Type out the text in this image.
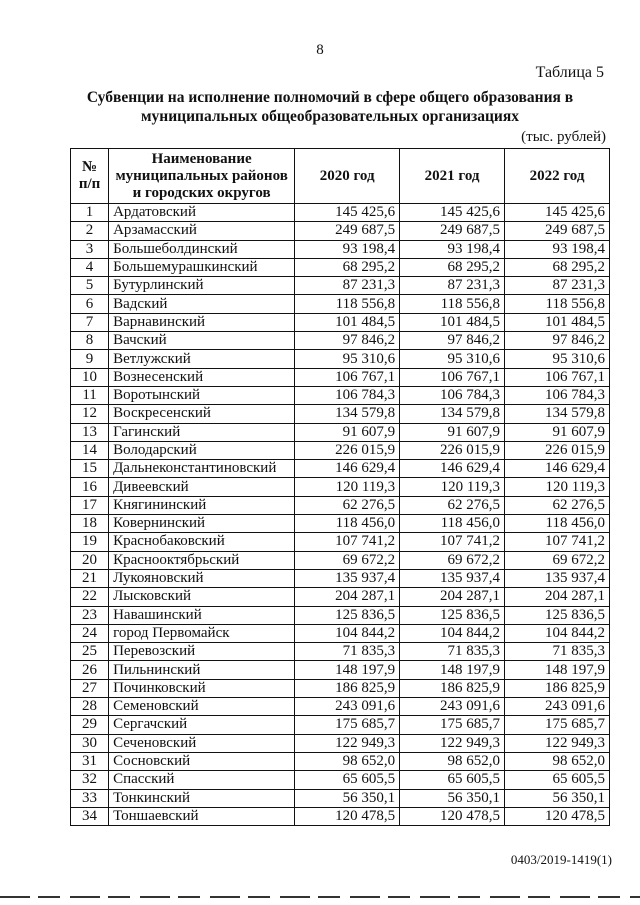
8
Таблица 5
Субвенции на исполнение полномочий в сфере общего образования в
муниципальных общеобразовательных организациях
(тыс. рублей)
№
п/п	Наименование муниципальных районов и городских округов	2020 год	2021 год	2022 год
1	Ардатовский	145 425,6	145 425,6	145 425,6
2	Арзамасский	249 687,5	249 687,5	249 687,5
3	Большеболдинский	93 198,4	93 198,4	93 198,4
4	Большемурашкинский	68 295,2	68 295,2	68 295,2
5	Бутурлинский	87 231,3	87 231,3	87 231,3
6	Вадский	118 556,8	118 556,8	118 556,8
7	Варнавинский	101 484,5	101 484,5	101 484,5
8	Вачский	97 846,2	97 846,2	97 846,2
9	Ветлужский	95 310,6	95 310,6	95 310,6
10	Вознесенский	106 767,1	106 767,1	106 767,1
11	Воротынский	106 784,3	106 784,3	106 784,3
12	Воскресенский	134 579,8	134 579,8	134 579,8
13	Гагинский	91 607,9	91 607,9	91 607,9
14	Володарский	226 015,9	226 015,9	226 015,9
15	Дальнеконстантиновский	146 629,4	146 629,4	146 629,4
16	Дивеевский	120 119,3	120 119,3	120 119,3
17	Княгининский	62 276,5	62 276,5	62 276,5
18	Ковернинский	118 456,0	118 456,0	118 456,0
19	Краснобаковский	107 741,2	107 741,2	107 741,2
20	Краснооктябрьский	69 672,2	69 672,2	69 672,2
21	Лукояновский	135 937,4	135 937,4	135 937,4
22	Лысковский	204 287,1	204 287,1	204 287,1
23	Навашинский	125 836,5	125 836,5	125 836,5
24	город Первомайск	104 844,2	104 844,2	104 844,2
25	Перевозский	71 835,3	71 835,3	71 835,3
26	Пильнинский	148 197,9	148 197,9	148 197,9
27	Починковский	186 825,9	186 825,9	186 825,9
28	Семеновский	243 091,6	243 091,6	243 091,6
29	Сергачский	175 685,7	175 685,7	175 685,7
30	Сеченовский	122 949,3	122 949,3	122 949,3
31	Сосновский	98 652,0	98 652,0	98 652,0
32	Спасский	65 605,5	65 605,5	65 605,5
33	Тонкинский	56 350,1	56 350,1	56 350,1
34	Тоншаевский	120 478,5	120 478,5	120 478,5
0403/2019-1419(1)
